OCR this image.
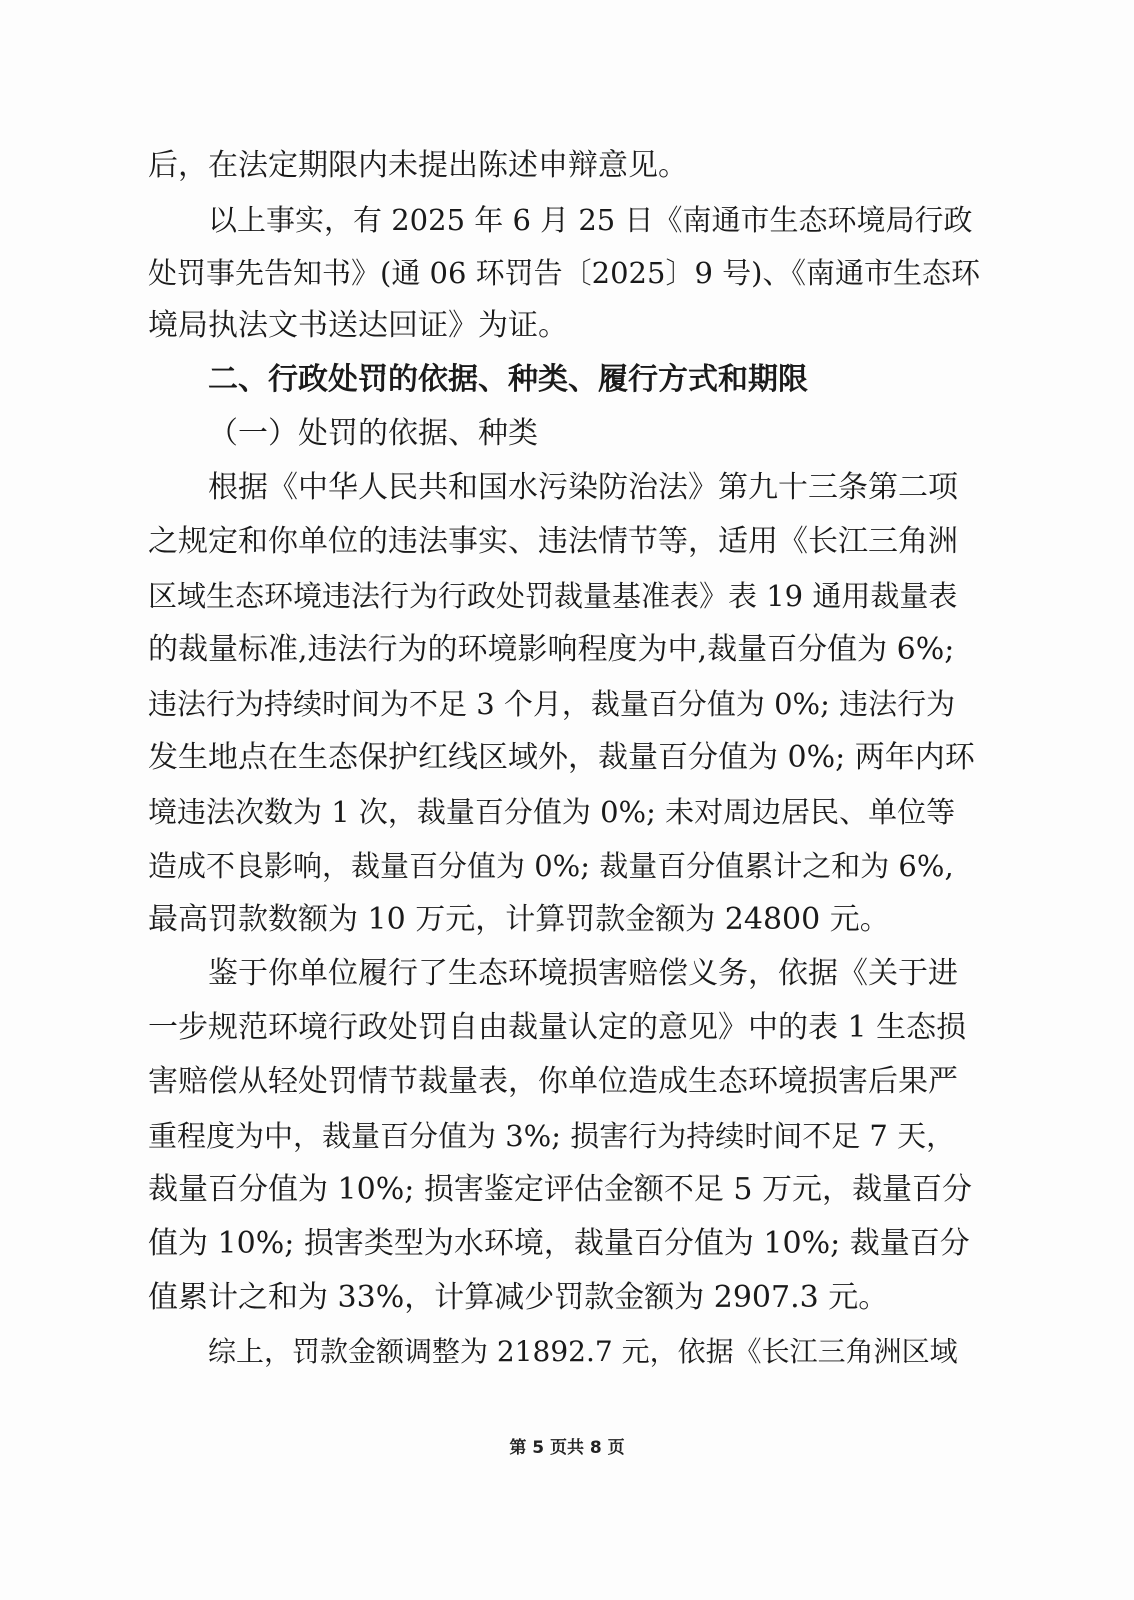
后，在法定期限内未提出陈述申辩意见。
以上事实，有 2025 年 6 月 25 日《南通市生态环境局行政
处罚事先告知书》(通 06 环罚告〔2025〕9 号)、《南通市生态环
境局执法文书送达回证》为证。
二、行政处罚的依据、种类、履行方式和期限
（一）处罚的依据、种类
根据《中华人民共和国水污染防治法》第九十三条第二项
之规定和你单位的违法事实、违法情节等，适用《长江三角洲
区域生态环境违法行为行政处罚裁量基准表》表 19 通用裁量表
的裁量标准,违法行为的环境影响程度为中,裁量百分值为 6%;
违法行为持续时间为不足 3 个月，裁量百分值为 0%; 违法行为
发生地点在生态保护红线区域外，裁量百分值为 0%; 两年内环
境违法次数为 1 次，裁量百分值为 0%; 未对周边居民、单位等
造成不良影响，裁量百分值为 0%; 裁量百分值累计之和为 6%,
最高罚款数额为 10 万元，计算罚款金额为 24800 元。
鉴于你单位履行了生态环境损害赔偿义务，依据《关于进
一步规范环境行政处罚自由裁量认定的意见》中的表 1 生态损
害赔偿从轻处罚情节裁量表，你单位造成生态环境损害后果严
重程度为中，裁量百分值为 3%; 损害行为持续时间不足 7 天，
裁量百分值为 10%; 损害鉴定评估金额不足 5 万元，裁量百分
值为 10%; 损害类型为水环境，裁量百分值为 10%; 裁量百分
值累计之和为 33%，计算减少罚款金额为 2907.3 元。
综上，罚款金额调整为 21892.7 元，依据《长江三角洲区域
第 5 页共 8 页
